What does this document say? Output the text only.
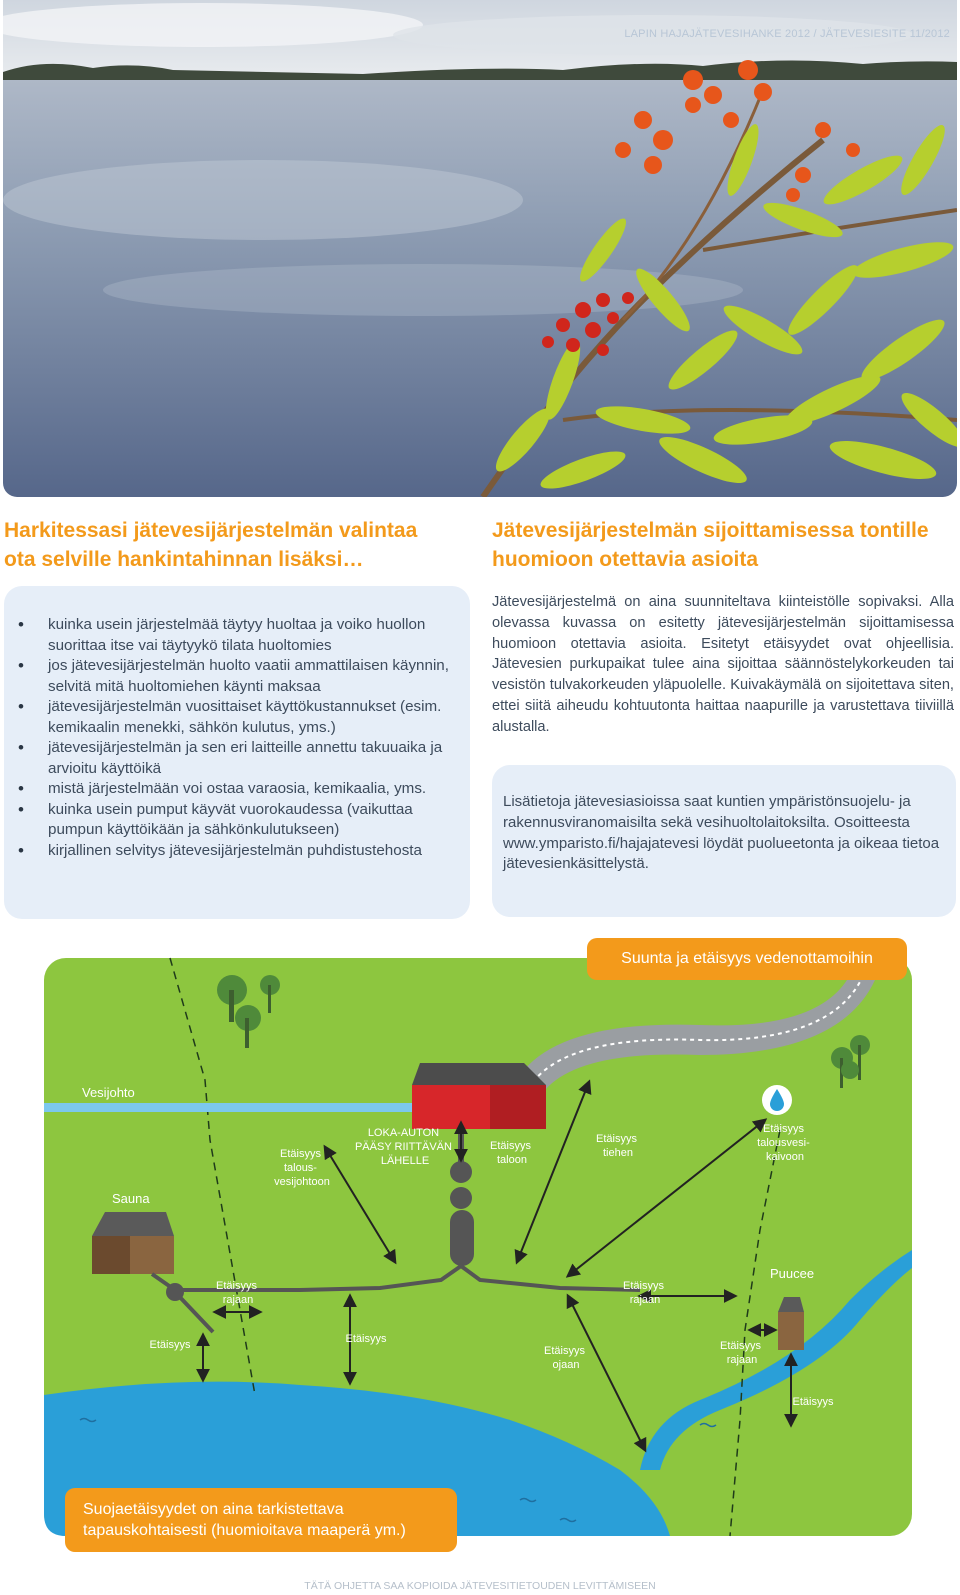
LAPIN HAJAJÄTEVESIHANKE 2012 / JÄTEVESIESITE 11/2012
Harkitessasi jätevesijärjestelmän valintaa
ota selville hankintahinnan lisäksi…
• kuinka usein järjestelmää täytyy huoltaa ja voiko huollon suorittaa itse vai täytyykö tilata huoltomies
• jos jätevesijärjestelmän huolto vaatii ammattilaisen käynnin, selvitä mitä huoltomiehen käynti maksaa
• jätevesijärjestelmän vuosittaiset käyttökustannukset (esim. kemikaalin menekki, sähkön kulutus, yms.)
• jätevesijärjestelmän ja sen eri laitteille annettu takuuaika ja arvioitu käyttöikä
• mistä järjestelmään voi ostaa varaosia, kemikaalia, yms.
• kuinka usein pumput käyvät vuorokaudessa (vaikuttaa pumpun käyttöikään ja sähkönkulutukseen)
• kirjallinen selvitys jätevesijärjestelmän puhdistustehosta
Jätevesijärjestelmän sijoittamisessa tontille
huomioon otettavia asioita

Jätevesijärjestelmä on aina suunniteltava kiinteistölle sopivaksi. Alla olevassa kuvassa on esitetty jätevesijärjestelmän sijoittamisessa huomioon otettavia asioita. Esitetyt etäisyydet ovat ohjeellisia. Jätevesien purkupaikat tulee aina sijoittaa säännöstelykorkeuden tai vesistön tulvakorkeuden yläpuolelle. Kuivakäymälä on sijoitettava siten, ettei siitä aiheudu kohtuutonta haittaa naapurille ja varustettava tiiviillä alustalla.

Lisätietoja jätevesiasioissa saat kuntien ympäristönsuojelu- ja rakennusviranomaisilta sekä vesihuoltolaitoksilta. Osoitteesta www.ymparisto.fi/hajajatevesi löydät puolueetonta ja oikeaa tietoa jätevesienkäsittelystä.

Vesijohto
Sauna
Puucee
Etäisyys talous- vesijohtoon
LOKA-AUTON PÄÄSY RIITTÄVÄN LÄHELLE
Etäisyys taloon
Etäisyys tiehen
Etäisyys talousvesi- kaivoon
Etäisyys rajaan
Etäisyys rajaan
Etäisyys rajaan
Etäisyys	Etäisyys
Etäisyys ojaan
Etäisyys
Suunta ja etäisyys vedenottamoihin
Suojaetäisyydet on aina tarkistettava tapauskohtaisesti (huomioitava maaperä ym.)
TÄTÄ OHJETTA SAA KOPIOIDA JÄTEVESITIETOUDEN LEVITTÄMISEEN
